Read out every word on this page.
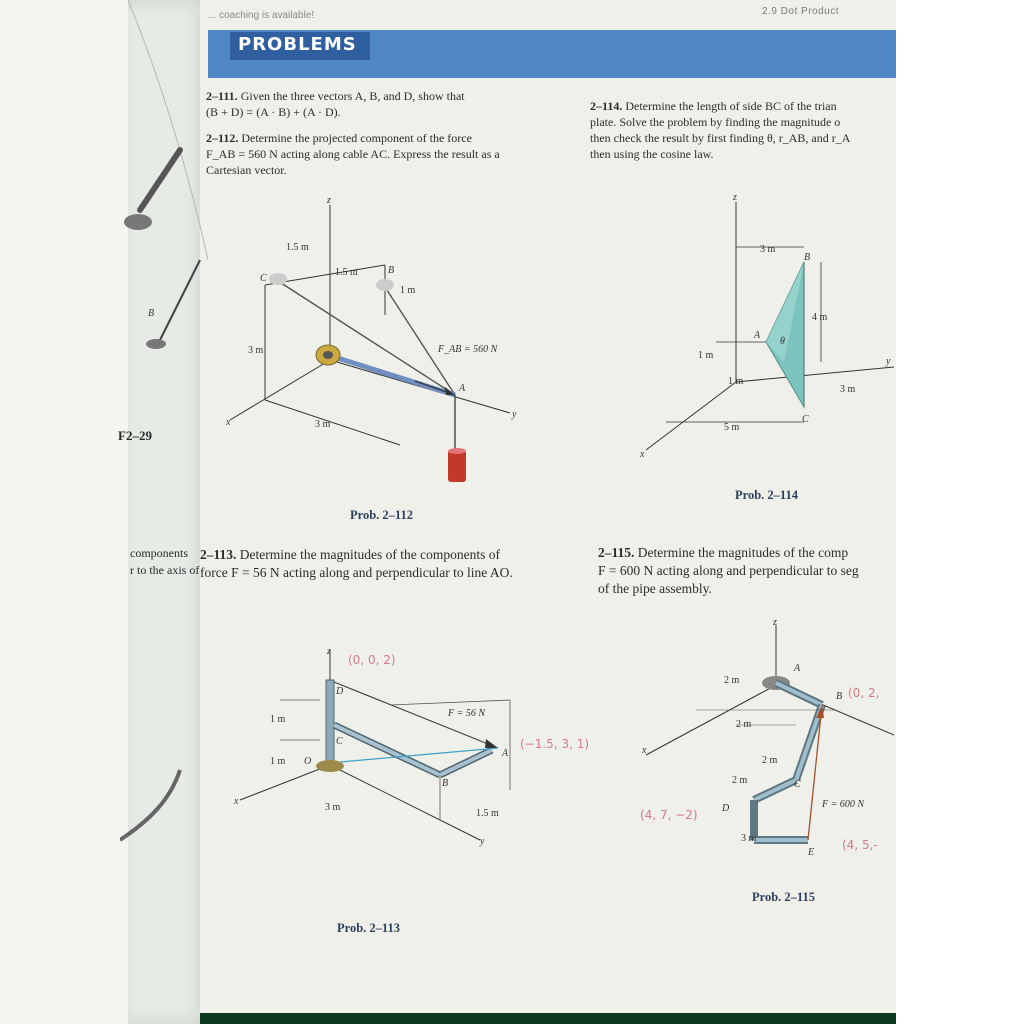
B
F2–29
components
r to the axis of
... coaching is available!	2.9 Dot Product
PROBLEMS
2–111. Given the three vectors A, B, and D, show that
(B + D) = (A · B) + (A · D).
2–112. Determine the projected component of the force
F_AB = 560 N acting along cable AC. Express the result as a
Cartesian vector.
2–114. Determine the length of side BC of the trian
plate. Solve the problem by finding the magnitude o
then check the result by first finding θ, r_AB, and r_A
then using the cosine law.
1.5 m
1.5 m
1 m
3 m
3 m
F_AB = 560 N
C
B
A
x
y
z
Prob. 2–112
3 m
4 m
1 m
1 m
5 m
3 m
A
B
C
θ
x
y
z
Prob. 2–114
2–113. Determine the magnitudes of the components of
force F = 56 N acting along and perpendicular to line AO.
2–115. Determine the magnitudes of the comp
F = 600 N acting along and perpendicular to seg
of the pipe assembly.
1 m
1 m
3 m
1.5 m
F = 56 N
D
C
O
A
B
x
y
z
(0, 0, 2)
(−1.5, 3, 1)
Prob. 2–113
2 m
2 m
2 m
2 m
3 m
F = 600 N
A
B
C
D
E
x
z
(0, 2,
(4, 7, −2)
(4, 5,-
Prob. 2–115
